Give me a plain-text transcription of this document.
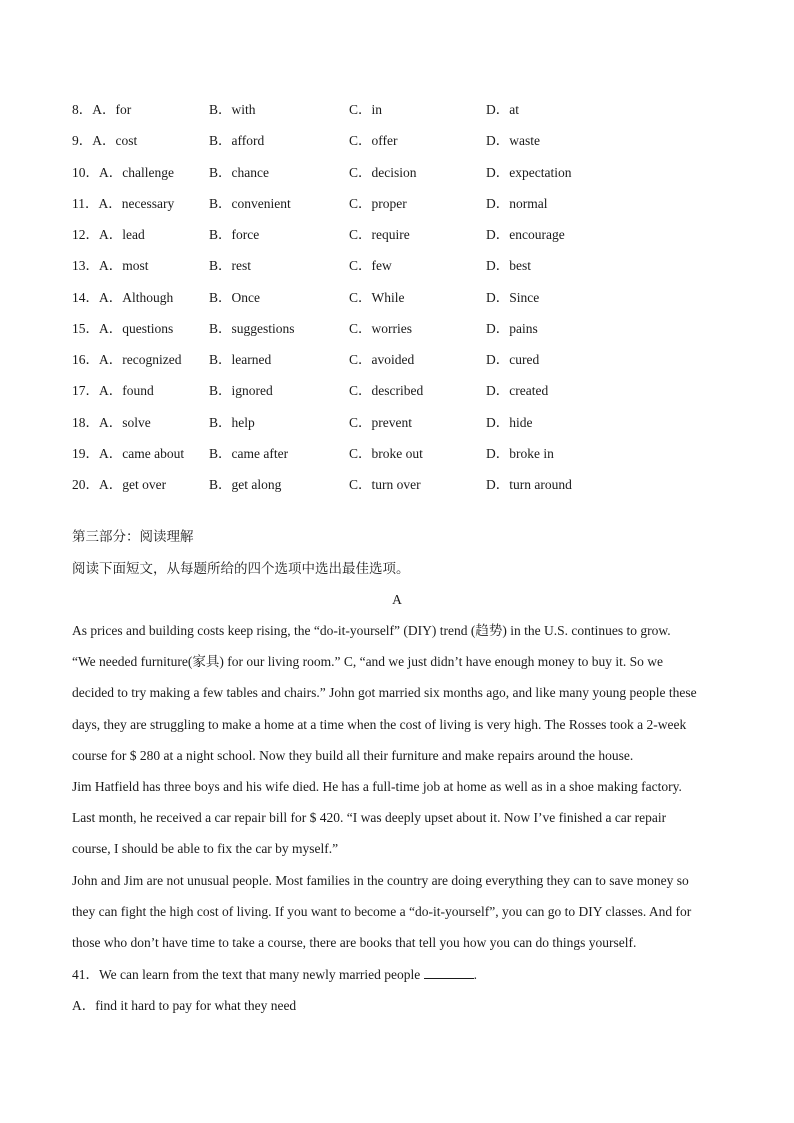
8．A．for	B．with	C．in	D．at
9．A．cost	B．afford	C．offer	D．waste
10．A．challenge	B．chance	C．decision	D．expectation
11．A．necessary	B．convenient	C．proper	D．normal
12．A．lead	B．force	C．require	D．encourage
13．A．most	B．rest	C．few	D．best
14．A．Although	B．Once	C．While	D．Since
15．A．questions	B．suggestions	C．worries	D．pains
16．A．recognized B．learned	C．avoided	D．cured
17．A．found	B．ignored	C．described	D．created
18．A．solve	B．help	C．prevent	D．hide
19．A．came about B．came after	C．broke out	D．broke in
20．A．get over	B．get along	C．turn over	D．turn around
第三部分：阅读理解
阅读下面短文，从每题所给的四个选项中选出最佳选项。
A
As prices and building costs keep rising, the “do-it-yourself” (DIY) trend (趋势) in the U.S. continues to grow.
“We needed furniture(家具) for our living room.” C, “and we just didn’t have enough money to buy it. So we
decided to try making a few tables and chairs.” John got married six months ago, and like many young people these
days, they are struggling to make a home at a time when the cost of living is very high. The Rosses took a 2-week
course for $ 280 at a night school. Now they build all their furniture and make repairs around the house.
Jim Hatfield has three boys and his wife died. He has a full-time job at home as well as in a shoe making factory.
Last month, he received a car repair bill for $ 420. “I was deeply upset about it. Now I’ve finished a car repair
course, I should be able to fix the car by myself.”
John and Jim are not unusual people. Most families in the country are doing everything they can to save money so
they can fight the high cost of living. If you want to become a “do-it-yourself”, you can go to DIY classes. And for
those who don’t have time to take a course, there are books that tell you how you can do things yourself.
41．We can learn from the text that many newly married people	.
A．find it hard to pay for what they need
